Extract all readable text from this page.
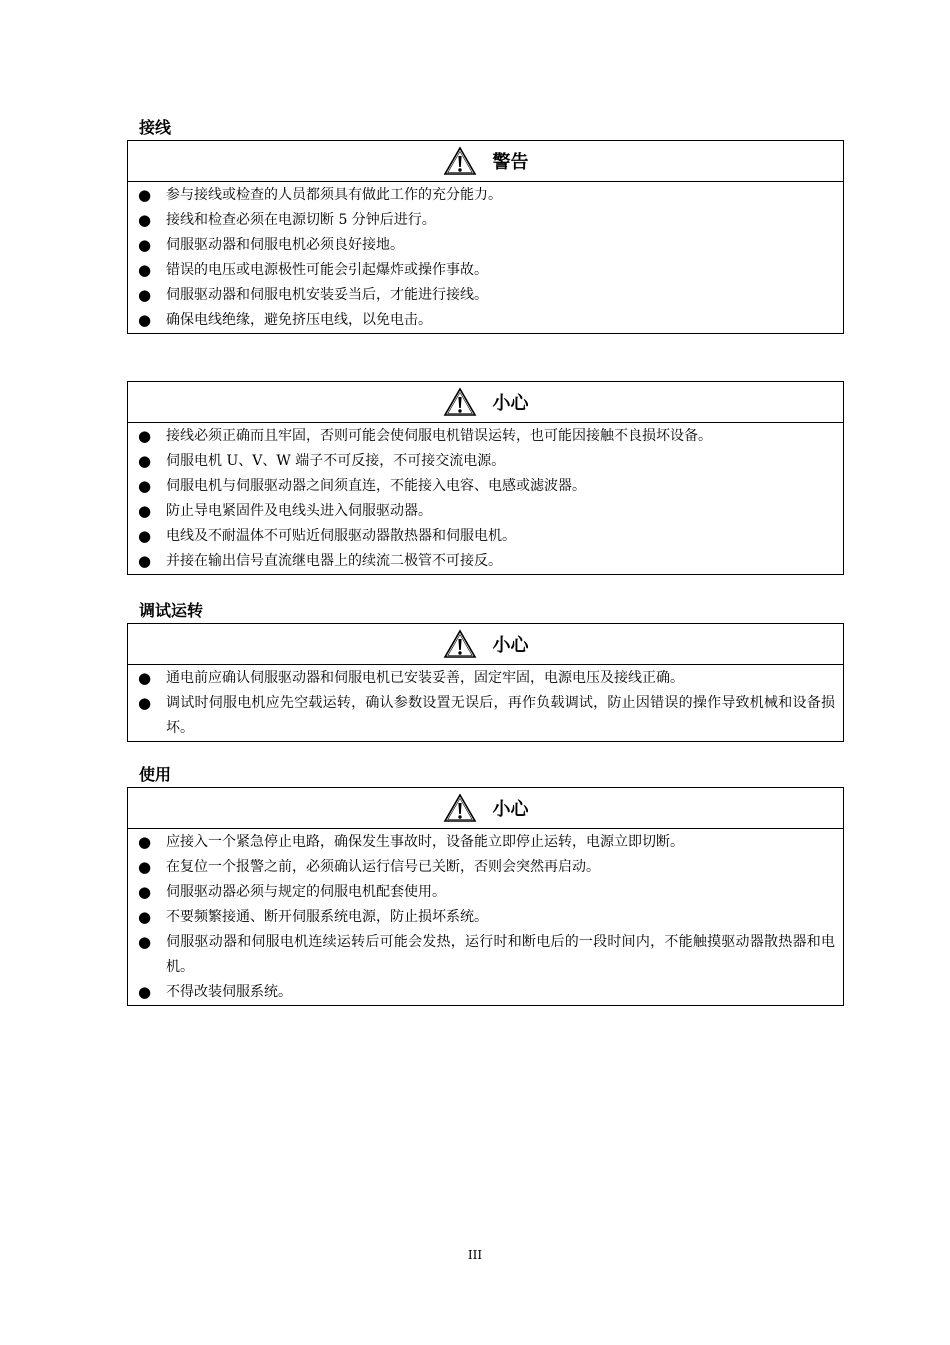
接线
警告
●	参与接线或检查的人员都须具有做此工作的充分能力。
●	接线和检查必须在电源切断 5 分钟后进行。
●	伺服驱动器和伺服电机必须良好接地。
●	错误的电压或电源极性可能会引起爆炸或操作事故。
●	伺服驱动器和伺服电机安装妥当后，才能进行接线。
●	确保电线绝缘，避免挤压电线，以免电击。
小心
●	接线必须正确而且牢固，否则可能会使伺服电机错误运转，也可能因接触不良损坏设备。
●	伺服电机 U、V、W 端子不可反接，不可接交流电源。
●	伺服电机与伺服驱动器之间须直连，不能接入电容、电感或滤波器。
●	防止导电紧固件及电线头进入伺服驱动器。
●	电线及不耐温体不可贴近伺服驱动器散热器和伺服电机。
●	并接在输出信号直流继电器上的续流二极管不可接反。
调试运转
小心
●	通电前应确认伺服驱动器和伺服电机已安装妥善，固定牢固，电源电压及接线正确。
●	调试时伺服电机应先空载运转，确认参数设置无误后，再作负载调试，防止因错误的操作导致机械和设备损坏。
使用
小心
●	应接入一个紧急停止电路，确保发生事故时，设备能立即停止运转，电源立即切断。
●	在复位一个报警之前，必须确认运行信号已关断，否则会突然再启动。
●	伺服驱动器必须与规定的伺服电机配套使用。
●	不要频繁接通、断开伺服系统电源，防止损坏系统。
●	伺服驱动器和伺服电机连续运转后可能会发热，运行时和断电后的一段时间内，不能触摸驱动器散热器和电机。
●	不得改装伺服系统。
III
